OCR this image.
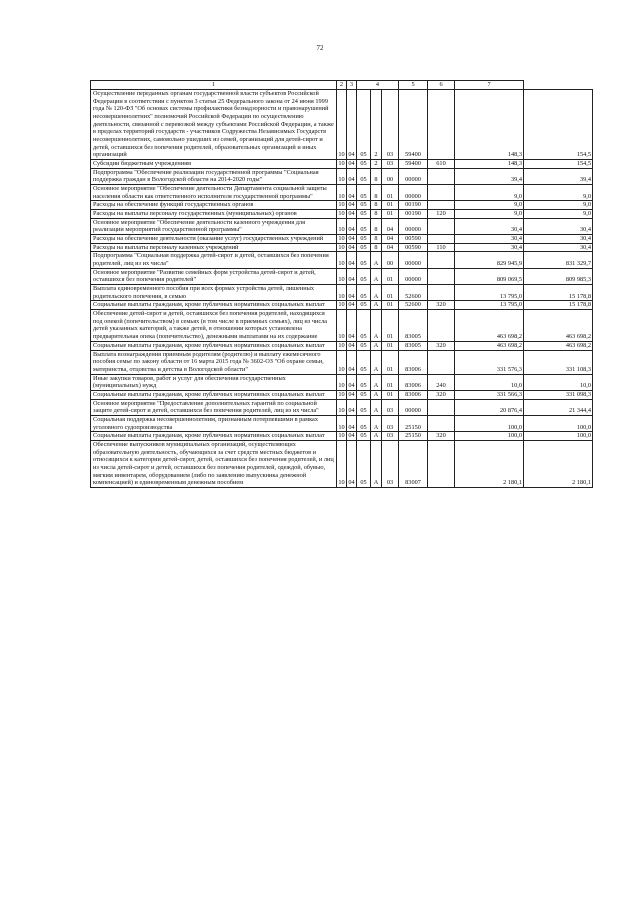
72
1	2	3	4			5	6	7	
Осуществление переданных органам государственной власти субъектов Российской Федерации в соответствии с пунктом 3 статьи 25 Федерального закона от 24 июня 1999 года № 120-ФЗ "Об основах системы профилактики безнадзорности и правонарушений несовершеннолетних" полномочий Российской Федерации по осуществлению деятельности, связанной с перевозкой между субъектами Российской Федерации, а также в пределах территорий государств - участников Содружества Независимых Государств несовершеннолетних, самовольно ушедших из семей, организаций для детей-сирот и детей, оставшихся без попечения родителей, образовательных организаций и иных организаций	10	04	05	2	03	59400		148,3	154,5
Субсидии бюджетным учреждениям	10	04	05	2	03	59400	610	148,3	154,5
Подпрограмма "Обеспечение реализации государственной программы "Социальная поддержка граждан в Вологодской области на 2014-2020 годы"	10	04	05	8	00	00000		39,4	39,4
Основное мероприятие "Обеспечение деятельности Департамента социальной защиты населения области как ответственного исполнителя государственной программы"	10	04	05	8	01	00000		9,0	9,0
Расходы на обеспечение функций государственных органов	10	04	05	8	01	00190		9,0	9,0
Расходы на выплаты персоналу государственных (муниципальных) органов	10	04	05	8	01	00190	120	9,0	9,0
Основное мероприятие "Обеспечение деятельности казенного учреждения для реализации мероприятий государственной программы"	10	04	05	8	04	00000		30,4	30,4
Расходы на обеспечение деятельности (оказание услуг) государственных учреждений	10	04	05	8	04	00590		30,4	30,4
Расходы на выплаты персоналу казенных учреждений	10	04	05	8	04	00590	110	30,4	30,4
Подпрограмма "Социальная поддержка детей-сирот и детей, оставшихся без попечения родителей, лиц из их числа"	10	04	05	А	00	00000		829 945,9	831 329,7
Основное мероприятие "Развитие семейных форм устройства детей-сирот и детей, оставшихся без попечения родителей"	10	04	05	А	01	00000		809 069,5	809 985,3
Выплата единовременного пособия при всех формах устройства детей, лишенных родительского попечения, в семью	10	04	05	А	01	52600		13 795,0	15 178,8
Социальные выплаты гражданам, кроме публичных нормативных социальных выплат	10	04	05	А	01	52600	320	13 795,0	15 178,8
Обеспечение детей-сирот и детей, оставшихся без попечения родителей, находящихся под опекой (попечительством) в семьях (в том числе в приемных семьях), лиц из числа детей указанных категорий, а также детей, в отношении которых установлена предварительная опека (попечительство), денежными выплатами на их содержание	10	04	05	А	01	83005		463 698,2	463 698,2
Социальные выплаты гражданам, кроме публичных нормативных социальных выплат	10	04	05	А	01	83005	320	463 698,2	463 698,2
Выплата вознаграждения приемным родителям (родителю) и выплату ежемесячного пособия семье по закону области от 16 марта 2015 года № 3602-ОЗ "Об охране семьи, материнства, отцовства и детства в Вологодской области"	10	04	05	А	01	83006		331 576,3	331 108,3
Иные закупки товаров, работ и услуг для обеспечения государственных (муниципальных) нужд	10	04	05	А	01	83006	240	10,0	10,0
Социальные выплаты гражданам, кроме публичных нормативных социальных выплат	10	04	05	А	01	83006	320	331 566,3	331 098,3
Основное мероприятие "Предоставление дополнительных гарантий по социальной защите детей-сирот и детей, оставшихся без попечения родителей, лиц из их числа"	10	04	05	А	03	00000		20 876,4	21 344,4
Социальная поддержка несовершеннолетним, признанным потерпевшими в рамках уголовного судопроизводства	10	04	05	А	03	25150		100,0	100,0
Социальные выплаты гражданам, кроме публичных нормативных социальных выплат	10	04	05	А	03	25150	320	100,0	100,0
Обеспечение выпускников муниципальных организаций, осуществляющих образовательную деятельность, обучающихся за счет средств местных бюджетов и относящихся к категории детей-сирот, детей, оставшихся без попечения родителей, и лиц из числа детей-сирот и детей, оставшихся без попечения родителей, одеждой, обувью, мягким инвентарем, оборудованием (либо по заявлению выпускника денежной компенсацией) и единовременным денежным пособием	10	04	05	А	03	83007		2 180,1	2 180,1
